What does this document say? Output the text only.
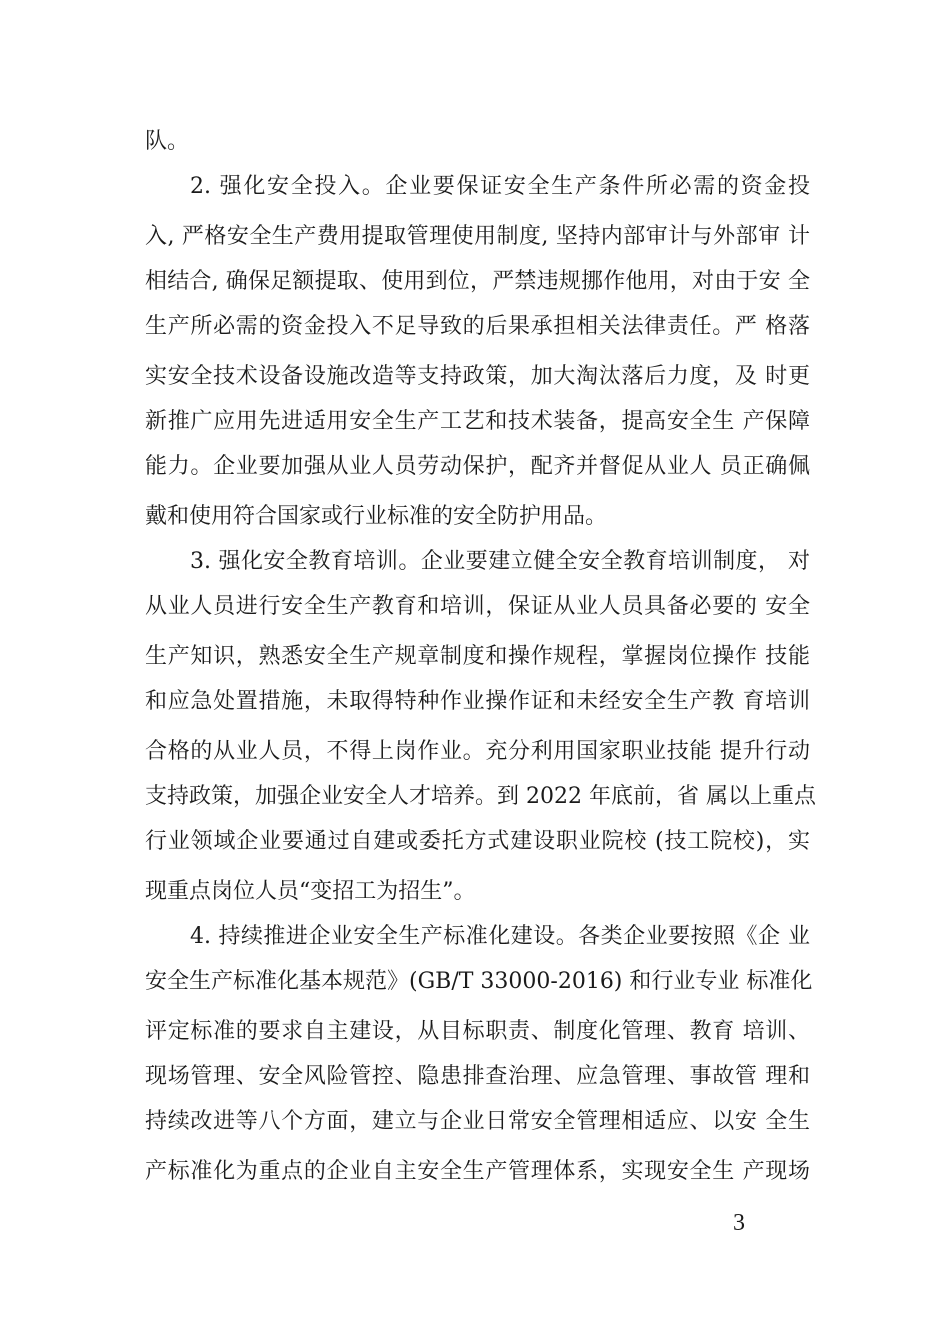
队。
2. 强化安全投入。企业要保证安全生产条件所必需的资金投
入, 严格安全生产费用提取管理使用制度, 坚持内部审计与外部审 计
相结合, 确保足额提取、使用到位，严禁违规挪作他用，对由于安 全
生产所必需的资金投入不足导致的后果承担相关法律责任。严 格落
实安全技术设备设施改造等支持政策，加大淘汰落后力度，及 时更
新推广应用先进适用安全生产工艺和技术装备，提高安全生 产保障
能力。企业要加强从业人员劳动保护，配齐并督促从业人 员正确佩
戴和使用符合国家或行业标准的安全防护用品。
3. 强化安全教育培训。企业要建立健全安全教育培训制度， 对
从业人员进行安全生产教育和培训，保证从业人员具备必要的 安全
生产知识，熟悉安全生产规章制度和操作规程，掌握岗位操作 技能
和应急处置措施，未取得特种作业操作证和未经安全生产教 育培训
合格的从业人员，不得上岗作业。充分利用国家职业技能 提升行动
支持政策，加强企业安全人才培养。到 2022 年底前，省 属以上重点
行业领域企业要通过自建或委托方式建设职业院校 (技工院校)，实
现重点岗位人员“变招工为招生”。
4. 持续推进企业安全生产标准化建设。各类企业要按照《企 业
安全生产标准化基本规范》(GB/T 33000-2016) 和行业专业 标准化
评定标准的要求自主建设，从目标职责、制度化管理、教育 培训、
现场管理、安全风险管控、隐患排查治理、应急管理、事故管 理和
持续改进等八个方面，建立与企业日常安全管理相适应、以安 全生
产标准化为重点的企业自主安全生产管理体系，实现安全生 产现场
3
